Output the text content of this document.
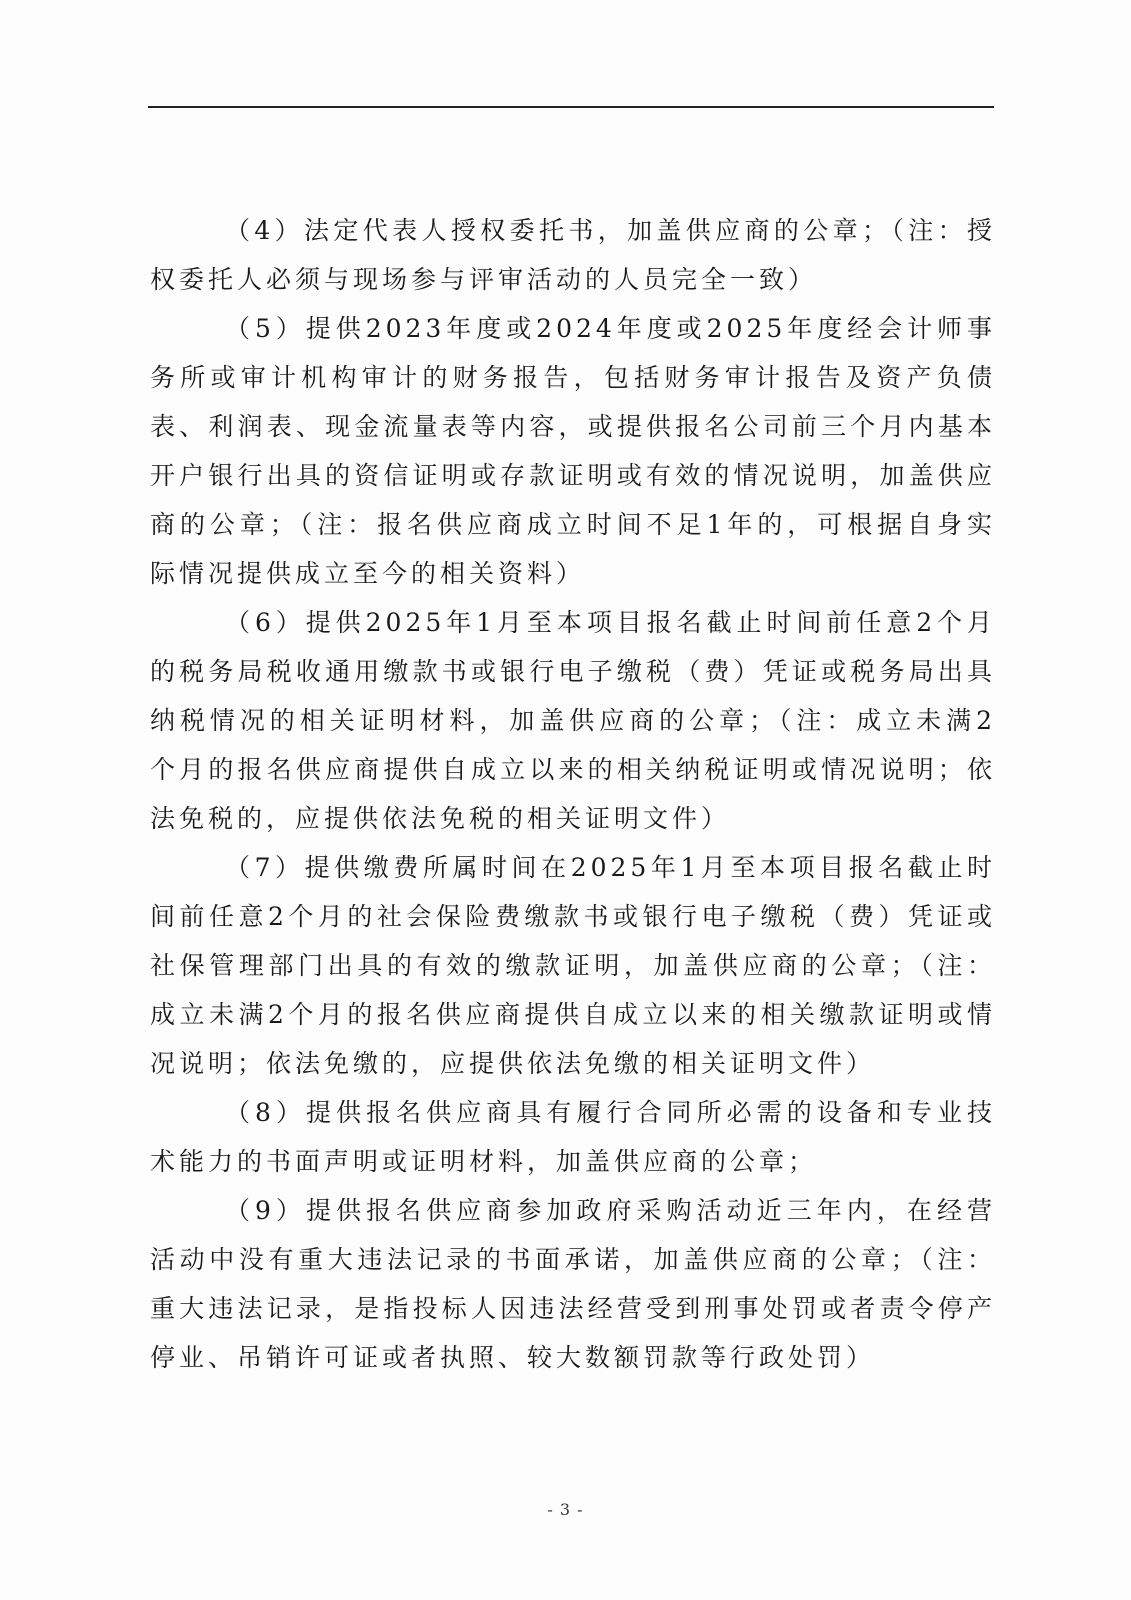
（4）法定代表人授权委托书，加盖供应商的公章；（注：授权委托人必须与现场参与评审活动的人员完全一致）

（5）提供2023年度或2024年度或2025年度经会计师事务所或审计机构审计的财务报告，包括财务审计报告及资产负债表、利润表、现金流量表等内容，或提供报名公司前三个月内基本开户银行出具的资信证明或存款证明或有效的情况说明，加盖供应商的公章；（注：报名供应商成立时间不足1年的，可根据自身实际情况提供成立至今的相关资料）

（6）提供2025年1月至本项目报名截止时间前任意2个月的税务局税收通用缴款书或银行电子缴税（费）凭证或税务局出具纳税情况的相关证明材料，加盖供应商的公章；（注：成立未满2个月的报名供应商提供自成立以来的相关纳税证明或情况说明；依法免税的，应提供依法免税的相关证明文件）

（7）提供缴费所属时间在2025年1月至本项目报名截止时间前任意2个月的社会保险费缴款书或银行电子缴税（费）凭证或社保管理部门出具的有效的缴款证明，加盖供应商的公章；（注：成立未满2个月的报名供应商提供自成立以来的相关缴款证明或情况说明；依法免缴的，应提供依法免缴的相关证明文件）

（8）提供报名供应商具有履行合同所必需的设备和专业技术能力的书面声明或证明材料，加盖供应商的公章；

（9）提供报名供应商参加政府采购活动近三年内，在经营活动中没有重大违法记录的书面承诺，加盖供应商的公章；（注：重大违法记录，是指投标人因违法经营受到刑事处罚或者责令停产停业、吊销许可证或者执照、较大数额罚款等行政处罚）

- 3 -
